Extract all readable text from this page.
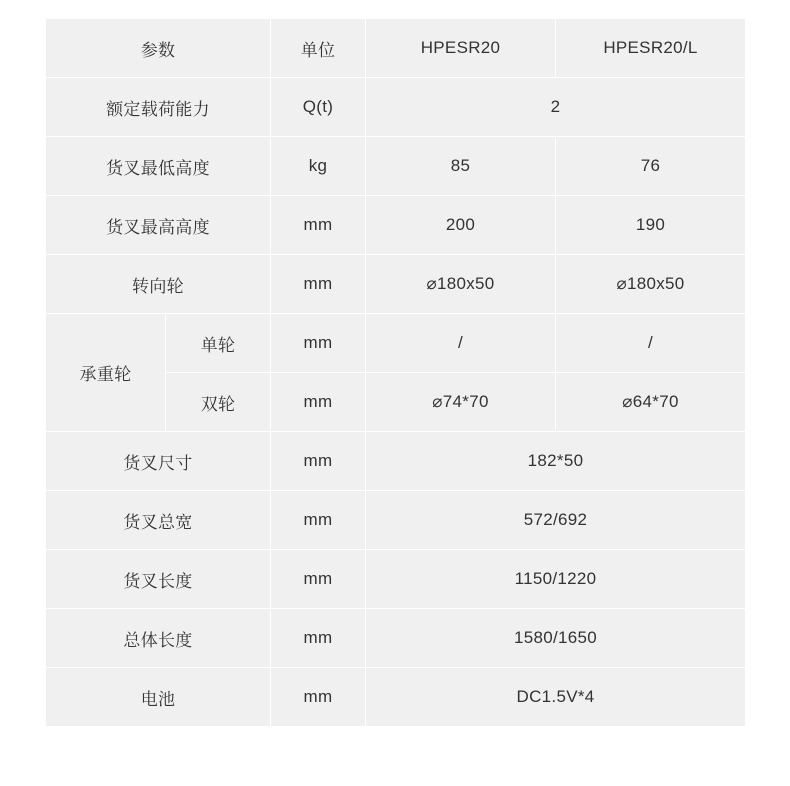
参数		单位	HPESR20	HPESR20/L
额定载荷能力		Q(t)	2	
货叉最低高度		kg	85	76
货叉最高高度		mm	200	190
转向轮		mm	⌀180x50	⌀180x50
承重轮	单轮	mm	/	/
	双轮	mm	⌀74*70	⌀64*70
货叉尺寸		mm	182*50	
货叉总宽		mm	572/692	
货叉长度		mm	1150/1220	
总体长度		mm	1580/1650	
电池		mm	DC1.5V*4	
